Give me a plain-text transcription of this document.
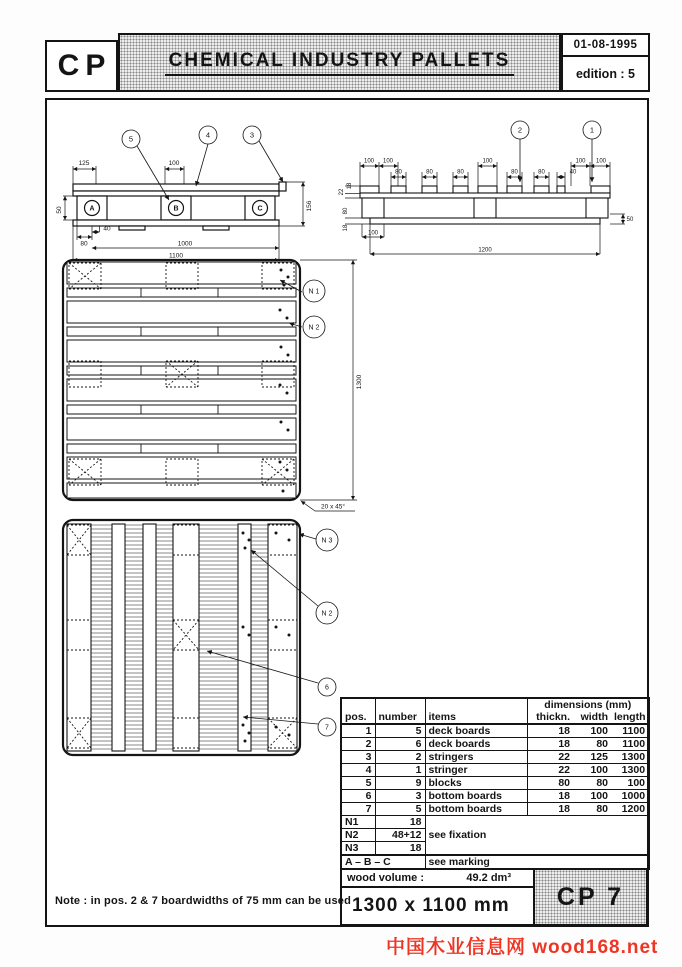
CP	CHEMICAL INDUSTRY PALLETS
01-08-1995
edition : 5
A	B	C
125	100
50	156
80
40
1000
1100
5	4	3
100 100
80	80	80
100
80	80	40
100 100
22
18
80
18
100
1200
50
2	1
1300
20 x 45°
N 1
N 2
N 3
N 2
6
7
			dimensions (mm)		
pos.	number	items	thickn.	width	length
1	5	deck boards	18	100	1100
2	6	deck boards	18	80	1100
3	2	stringers	22	125	1300
4	1	stringer	22	100	1300
5	9	blocks	80	80	100
6	3	bottom boards	18	100	1000
7	5	bottom boards	18	80	1200
N1	18	see fixation			
N2	48+12				
N3	18				
A – B – C		see marking			
wood volume :	49.2 dm³
1300 x 1100 mm	CP 7
Note : in pos. 2 & 7 boardwidths of 75 mm can be used
中国木业信息网 wood168.net
